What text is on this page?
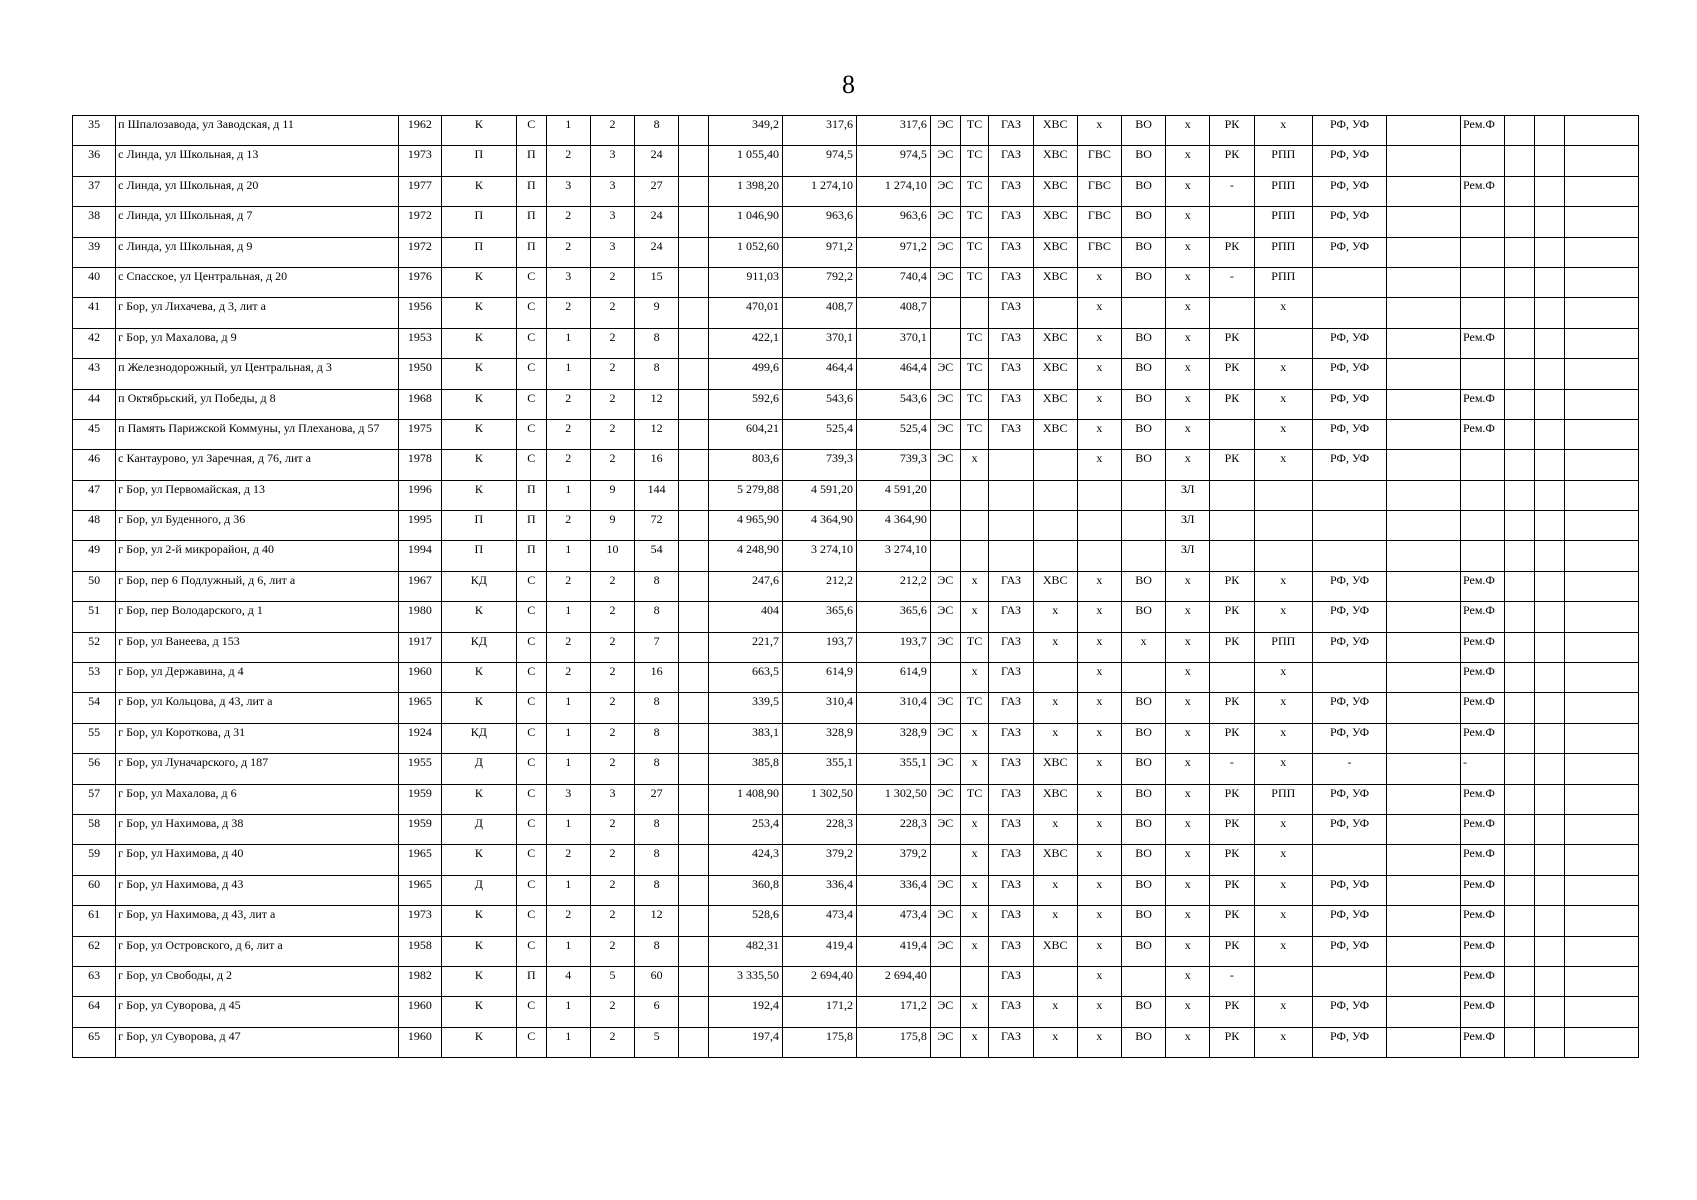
8
35	п Шпалозавода, ул Заводская, д 11	1962	К	С	1	2	8		349,2	317,6	317,6	ЭС	ТС	ГАЗ	ХВС	х	ВО	х	РК	х	РФ, УФ		Рем.Ф			
36	с Линда, ул Школьная, д 13	1973	П	П	2	3	24		1 055,40	974,5	974,5	ЭС	ТС	ГАЗ	ХВС	ГВС	ВО	х	РК	РПП	РФ, УФ					
37	с Линда, ул Школьная, д 20	1977	К	П	3	3	27		1 398,20	1 274,10	1 274,10	ЭС	ТС	ГАЗ	ХВС	ГВС	ВО	х	-	РПП	РФ, УФ		Рем.Ф			
38	с Линда, ул Школьная, д 7	1972	П	П	2	3	24		1 046,90	963,6	963,6	ЭС	ТС	ГАЗ	ХВС	ГВС	ВО	х		РПП	РФ, УФ					
39	с Линда, ул Школьная, д 9	1972	П	П	2	3	24		1 052,60	971,2	971,2	ЭС	ТС	ГАЗ	ХВС	ГВС	ВО	х	РК	РПП	РФ, УФ					
40	с Спасское, ул Центральная, д 20	1976	К	С	3	2	15		911,03	792,2	740,4	ЭС	ТС	ГАЗ	ХВС	х	ВО	х	-	РПП						
41	г Бор, ул Лихачева, д 3, лит а	1956	К	С	2	2	9		470,01	408,7	408,7			ГАЗ		х		х		х						
42	г Бор, ул Махалова, д 9	1953	К	С	1	2	8		422,1	370,1	370,1		ТС	ГАЗ	ХВС	х	ВО	х	РК		РФ, УФ		Рем.Ф			
43	п Железнодорожный, ул Центральная, д 3	1950	К	С	1	2	8		499,6	464,4	464,4	ЭС	ТС	ГАЗ	ХВС	х	ВО	х	РК	х	РФ, УФ					
44	п Октябрьский, ул Победы, д 8	1968	К	С	2	2	12		592,6	543,6	543,6	ЭС	ТС	ГАЗ	ХВС	х	ВО	х	РК	х	РФ, УФ		Рем.Ф			
45	п Память Парижской Коммуны, ул Плеханова, д 57	1975	К	С	2	2	12		604,21	525,4	525,4	ЭС	ТС	ГАЗ	ХВС	х	ВО	х		х	РФ, УФ		Рем.Ф			
46	с Кантаурово, ул Заречная, д 76, лит а	1978	К	С	2	2	16		803,6	739,3	739,3	ЭС	х			х	ВО	х	РК	х	РФ, УФ					
47	г Бор, ул Первомайская, д 13	1996	К	П	1	9	144		5 279,88	4 591,20	4 591,20							ЗЛ								
48	г Бор, ул Буденного, д 36	1995	П	П	2	9	72		4 965,90	4 364,90	4 364,90							ЗЛ								
49	г Бор, ул 2-й микрорайон, д 40	1994	П	П	1	10	54		4 248,90	3 274,10	3 274,10							ЗЛ								
50	г Бор, пер 6 Подлужный, д 6, лит а	1967	КД	С	2	2	8		247,6	212,2	212,2	ЭС	х	ГАЗ	ХВС	х	ВО	х	РК	х	РФ, УФ		Рем.Ф			
51	г Бор, пер Володарского, д 1	1980	К	С	1	2	8		404	365,6	365,6	ЭС	х	ГАЗ	х	х	ВО	х	РК	х	РФ, УФ		Рем.Ф			
52	г Бор, ул Ванеева, д 153	1917	КД	С	2	2	7		221,7	193,7	193,7	ЭС	ТС	ГАЗ	х	х	х	х	РК	РПП	РФ, УФ		Рем.Ф			
53	г Бор, ул Державина, д 4	1960	К	С	2	2	16		663,5	614,9	614,9		х	ГАЗ		х		х		х			Рем.Ф			
54	г Бор, ул Кольцова, д 43, лит а	1965	К	С	1	2	8		339,5	310,4	310,4	ЭС	ТС	ГАЗ	х	х	ВО	х	РК	х	РФ, УФ		Рем.Ф			
55	г Бор, ул Короткова, д 31	1924	КД	С	1	2	8		383,1	328,9	328,9	ЭС	х	ГАЗ	х	х	ВО	х	РК	х	РФ, УФ		Рем.Ф			
56	г Бор, ул Луначарского, д 187	1955	Д	С	1	2	8		385,8	355,1	355,1	ЭС	х	ГАЗ	ХВС	х	ВО	х	-	х	-		-			
57	г Бор, ул Махалова, д 6	1959	К	С	3	3	27		1 408,90	1 302,50	1 302,50	ЭС	ТС	ГАЗ	ХВС	х	ВО	х	РК	РПП	РФ, УФ		Рем.Ф			
58	г Бор, ул Нахимова, д 38	1959	Д	С	1	2	8		253,4	228,3	228,3	ЭС	х	ГАЗ	х	х	ВО	х	РК	х	РФ, УФ		Рем.Ф			
59	г Бор, ул Нахимова, д 40	1965	К	С	2	2	8		424,3	379,2	379,2		х	ГАЗ	ХВС	х	ВО	х	РК	х			Рем.Ф			
60	г Бор, ул Нахимова, д 43	1965	Д	С	1	2	8		360,8	336,4	336,4	ЭС	х	ГАЗ	х	х	ВО	х	РК	х	РФ, УФ		Рем.Ф			
61	г Бор, ул Нахимова, д 43, лит а	1973	К	С	2	2	12		528,6	473,4	473,4	ЭС	х	ГАЗ	х	х	ВО	х	РК	х	РФ, УФ		Рем.Ф			
62	г Бор, ул Островского, д 6, лит а	1958	К	С	1	2	8		482,31	419,4	419,4	ЭС	х	ГАЗ	ХВС	х	ВО	х	РК	х	РФ, УФ		Рем.Ф			
63	г Бор, ул Свободы, д 2	1982	К	П	4	5	60		3 335,50	2 694,40	2 694,40			ГАЗ		х		х	-				Рем.Ф			
64	г Бор, ул Суворова, д 45	1960	К	С	1	2	6		192,4	171,2	171,2	ЭС	х	ГАЗ	х	х	ВО	х	РК	х	РФ, УФ		Рем.Ф			
65	г Бор, ул Суворова, д 47	1960	К	С	1	2	5		197,4	175,8	175,8	ЭС	х	ГАЗ	х	х	ВО	х	РК	х	РФ, УФ		Рем.Ф			
